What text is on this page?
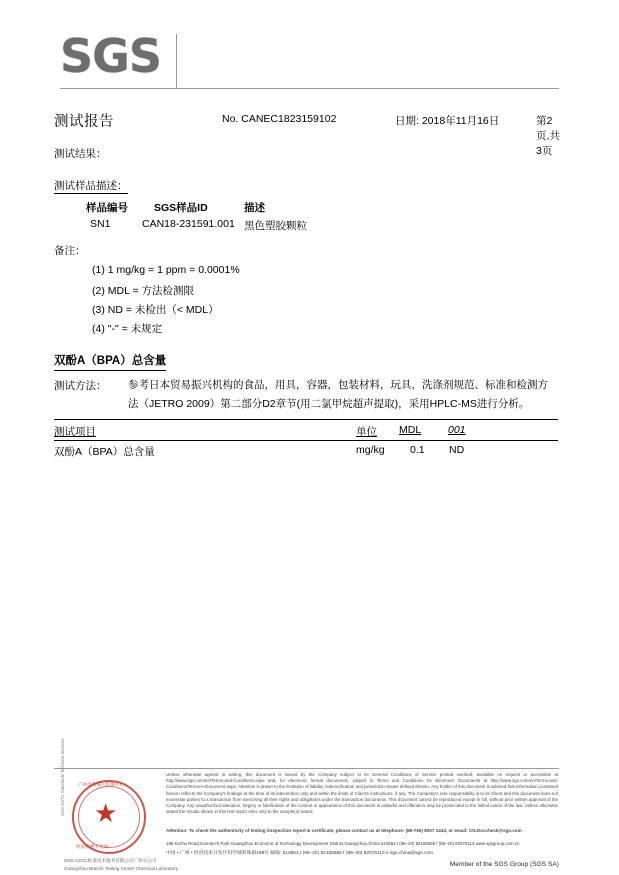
SGS
测试报告	No. CANEC1823159102	日期: 2018年11月16日	第2页,共3页
测试结果：
测试样品描述：
样品编号 SGS样品ID	描述
SN1	CAN18-231591.001 黑色塑胶颗粒
备注：
(1) 1 mg/kg = 1 ppm = 0.0001%
(2) MDL = 方法检测限
(3) ND = 未检出（< MDL）
(4) "-" = 未规定
双酚A（BPA）总含量
测试方法： 参考日本贸易振兴机构的食品，用具，容器，包装材料，玩具，洗涤剂规范、标准和检测方
法（JETRO 2009）第二部分D2章节(用二氯甲烷超声提取)，采用HPLC-MS进行分析。
测试项目	单位 MDL	001
双酚A（BPA）总含量	mg/kg 0.1 ND
广州市海珠区检测中心
检验检测专用章
SGS-CSTC Standards Technical Services
SGS-CSTC标准技术服务有限公司广州分公司
Guangzhou Branch Testing Center Chemical Laboratory
Unless otherwise agreed in writing, this document is issued by the Company subject to its General Conditions of Service printed overleaf, available on request or accessible at http://www.sgs.com/en/Terms-and-Conditions.aspx and, for electronic format documents, subject to Terms and Conditions for Electronic Documents at http://www.sgs.com/en/Terms-and-Conditions/Terms-e-Document.aspx. Attention is drawn to the limitation of liability, indemnification and jurisdiction issues defined therein. Any holder of this document is advised that information contained hereon reflects the Company's findings at the time of its intervention only and within the limits of Client's instructions, if any. The Company's sole responsibility is to its Client and this document does not exonerate parties to a transaction from exercising all their rights and obligations under the transaction documents. This document cannot be reproduced except in full, without prior written approval of the Company. Any unauthorized alteration, forgery or falsification of the content or appearance of this document is unlawful and offenders may be prosecuted to the fullest extent of the law. Unless otherwise stated the results shown in this test report refer only to the sample(s) tested.
Attention: To check the authenticity of testing /inspection report & certificate, please contact us at telephone: (86-755) 8307 1443, or email: CN.Doccheck@sgs.com
198 Kezhu Road,Scientech Park Guangzhou Economic & Technology Development District,Guangzhou,China 510663 t (86–20) 82155555 f (86–20) 82075113 www.sgsgroup.com.cn
中国 • 广州 • 经济技术开发区科学城科珠路198号 邮编: 510663 t (86–20) 82155555 f (86–20) 82075113 e sgs.china@sgs.com
Member of the SGS Group (SGS SA)
